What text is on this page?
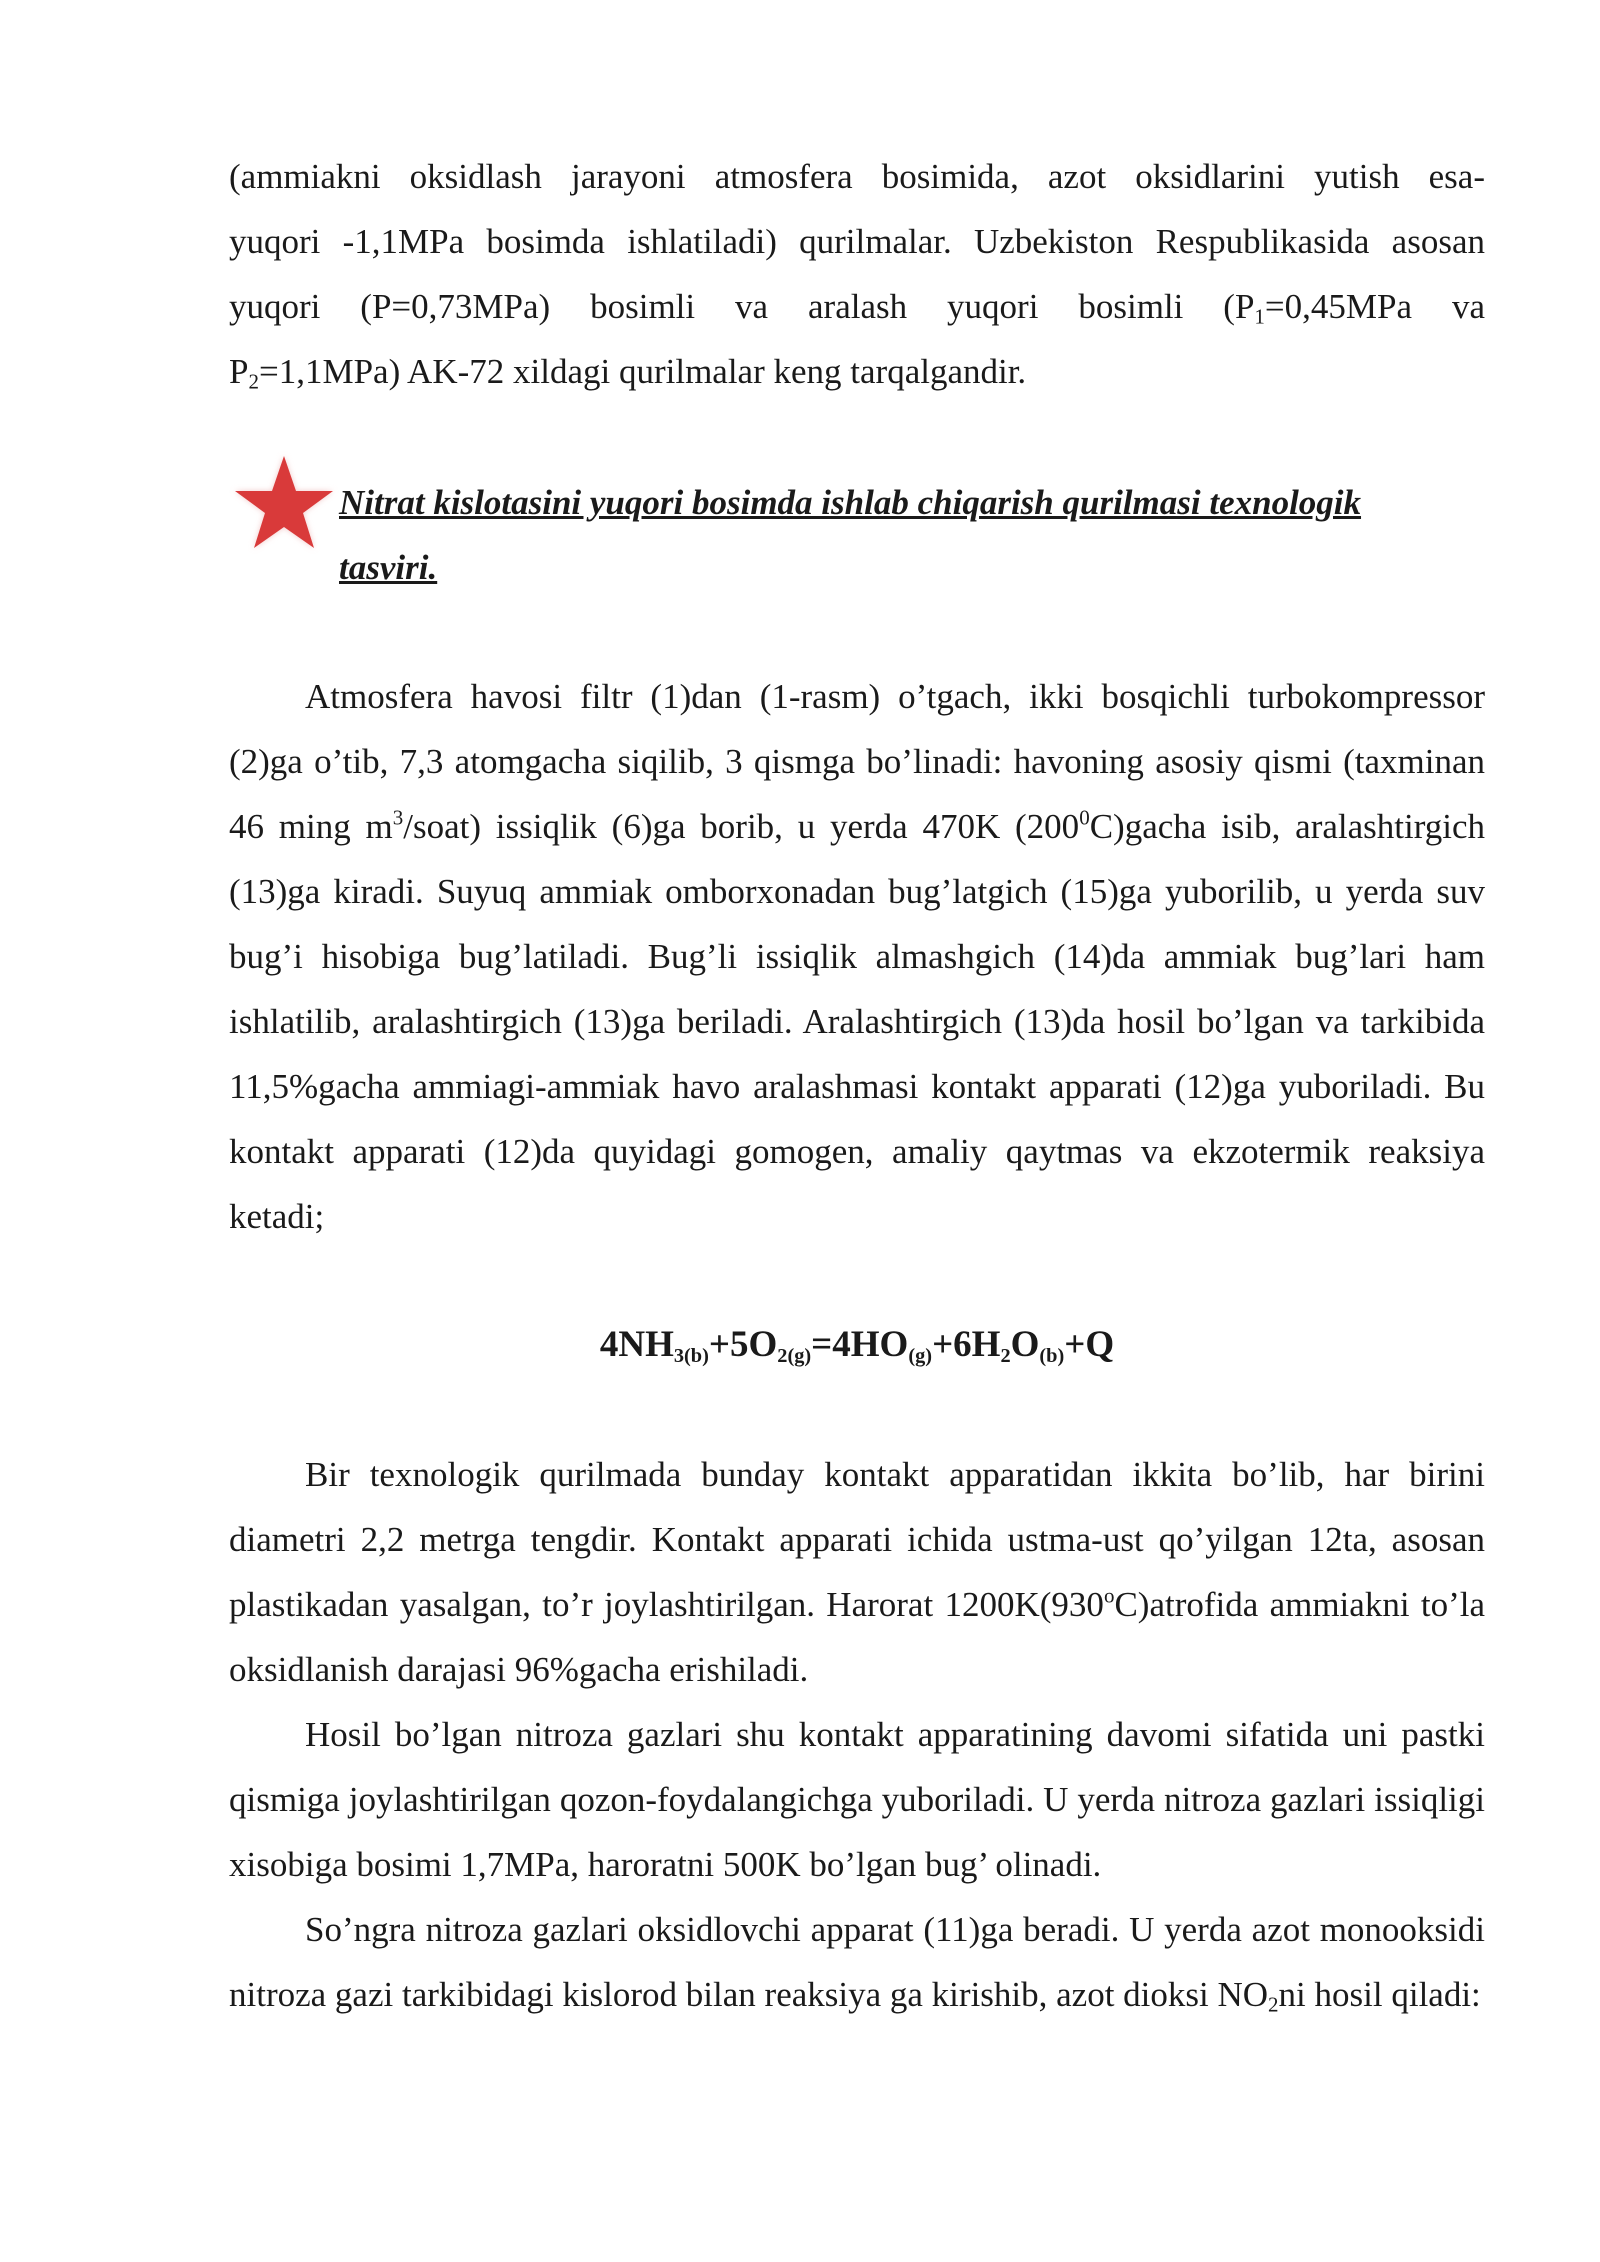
(ammiakni oksidlash jarayoni atmosfera bosimida, azot oksidlarini yutish esa-

yuqori -1,1MPa bosimda ishlatiladi) qurilmalar. Uzbekiston Respublikasida asosan

yuqori (P=0,73MPa) bosimli va aralash yuqori bosimli ($P_1=0,45MPa$ va

$P_2=1,1MPa$) AK-72 xildagi qurilmalar keng tarqalgandir.

Nitrat kislotasini yuqori bosimda ishlab chiqarish qurilmasi texnologik

tasviri.

Atmosfera havosi filtr (1)dan (1-rasm) o’tgach, ikki bosqichli turbokompressor (2)ga o’tib, 7,3 atomgacha siqilib, 3 qismga bo’linadi: havoning asosiy qismi (taxminan 46 ming $m^3/soat$) issiqlik (6)ga borib, u yerda 470K $(200^0C)gacha$ isib, aralashtirgich (13)ga kiradi. Suyuq ammiak omborxonadan bug’latgich (15)ga yuborilib, u yerda suv bug’i hisobiga bug’latiladi. Bug’li issiqlik almashgich (14)da ammiak bug’lari ham ishlatilib, aralashtirgich (13)ga beriladi. Aralashtirgich (13)da hosil bo’lgan va tarkibida 11,5%gacha ammiagi-ammiak havo aralashmasi kontakt apparati (12)ga yuboriladi. Bu kontakt apparati (12)da quyidagi gomogen, amaliy qaytmas va ekzotermik reaksiya ketadi;

$4NH_{3(b)}+5O_{2(g)}=4HO_{(g)}+6H_2O_{(b)}+Q$

Bir texnologik qurilmada bunday kontakt apparatidan ikkita bo’lib, har birini diametri 2,2 metrga tengdir. Kontakt apparati ichida ustma-ust qo’yilgan 12ta, asosan plastikadan yasalgan, to’r joylashtirilgan. Harorat 1200K(930$^o$C)atrofida ammiakni to’la oksidlanish darajasi 96%gacha erishiladi.

Hosil bo’lgan nitroza gazlari shu kontakt apparatining davomi sifatida uni pastki qismiga joylashtirilgan qozon-foydalangichga yuboriladi. U yerda nitroza gazlari issiqligi xisobiga bosimi 1,7MPa, haroratni 500K bo’lgan bug’ olinadi.

So’ngra nitroza gazlari oksidlovchi apparat (11)ga beradi. U yerda azot monooksidi nitroza gazi tarkibidagi kislorod bilan reaksiya ga kirishib, azot dioksi $NO_2ni$ hosil qiladi:
